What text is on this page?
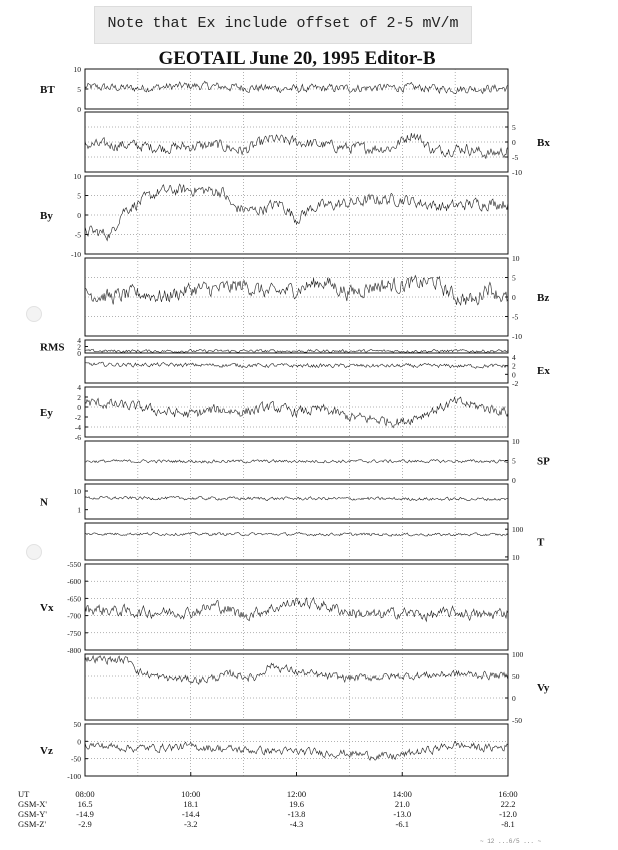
Note that Ex include offset of 2-5 mV/m
GEOTAIL June 20, 1995 Editor-B
10
5
0
BT
5
0
-5
-10
Bx
10
5
0
-5
-10
By
10
5
0
-5
-10
Bz
4
2
0
RMS
4
2
0
-2
Ex
4
2
0
-2
-4
-6
Ey
10
5
0
SP
10
1
N
100
10
T
-550
-600
-650
-700
-750
-800
Vx
100
50
0
-50
Vy
50
0
-50
-100
Vz
UT	08:00	10:00	12:00	14:00	16:00
GSM-X'	16.5	18.1	19.6	21.0	22.2
GSM-Y'	-14.9	-14.4	-13.8	-13.0	-12.0
GSM-Z'	-2.9	-3.2	-4.3	-6.1	-8.1
~ 12 ...6/5 ... ~
